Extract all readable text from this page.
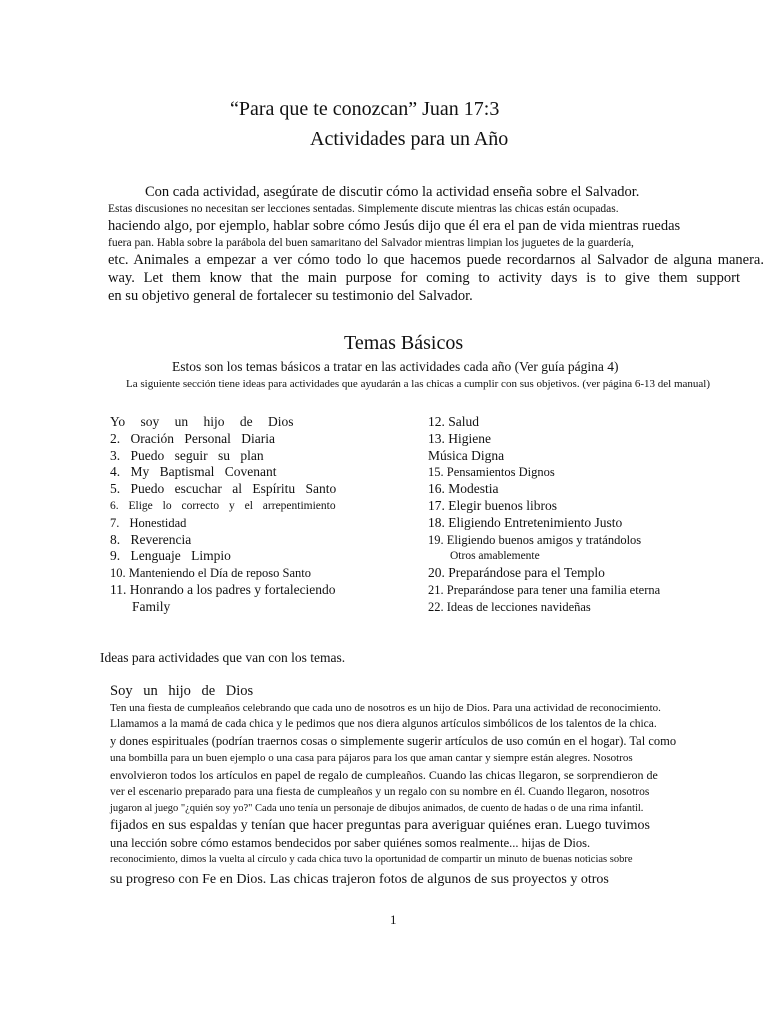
“Para que te conozcan” Juan 17:3
Actividades para un Año
Con cada actividad, asegúrate de discutir cómo la actividad enseña sobre el Salvador.
Estas discusiones no necesitan ser lecciones sentadas. Simplemente discute mientras las chicas están ocupadas.
haciendo algo, por ejemplo, hablar sobre cómo Jesús dijo que él era el pan de vida mientras ruedas
fuera pan. Habla sobre la parábola del buen samaritano del Salvador mientras limpian los juguetes de la guardería,
etc. Animales a empezar a ver cómo todo lo que hacemos puede recordarnos al Salvador de alguna manera.
way. Let them know that the main purpose for coming to activity days is to give them support
en su objetivo general de fortalecer su testimonio del Salvador.
Temas Básicos
Estos son los temas básicos a tratar en las actividades cada año (Ver guía página 4)
La siguiente sección tiene ideas para actividades que ayudarán a las chicas a cumplir con sus objetivos. (ver página 6-13 del manual)
Yo soy un hijo de Dios
2. Oración Personal Diaria
3. Puedo seguir su plan
4. My Baptismal Covenant
5. Puedo escuchar al Espíritu Santo
6. Elige lo correcto y el arrepentimiento
7. Honestidad
8. Reverencia
9. Lenguaje Limpio
10. Manteniendo el Día de reposo Santo
11. Honrando a los padres y fortaleciendo
Family
12. Salud
13. Higiene
Música Digna
15. Pensamientos Dignos
16. Modestia
17. Elegir buenos libros
18. Eligiendo Entretenimiento Justo
19. Eligiendo buenos amigos y tratándolos
Otros amablemente
20. Preparándose para el Templo
21. Preparándose para tener una familia eterna
22. Ideas de lecciones navideñas
Ideas para actividades que van con los temas.
Soy un hijo de Dios
Ten una fiesta de cumpleaños celebrando que cada uno de nosotros es un hijo de Dios. Para una actividad de reconocimiento.
Llamamos a la mamá de cada chica y le pedimos que nos diera algunos artículos simbólicos de los talentos de la chica.
y dones espirituales (podrían traernos cosas o simplemente sugerir artículos de uso común en el hogar). Tal como
una bombilla para un buen ejemplo o una casa para pájaros para los que aman cantar y siempre están alegres. Nosotros
envolvieron todos los artículos en papel de regalo de cumpleaños. Cuando las chicas llegaron, se sorprendieron de
ver el escenario preparado para una fiesta de cumpleaños y un regalo con su nombre en él. Cuando llegaron, nosotros
jugaron al juego "¿quién soy yo?" Cada uno tenía un personaje de dibujos animados, de cuento de hadas o de una rima infantil.
fijados en sus espaldas y tenían que hacer preguntas para averiguar quiénes eran. Luego tuvimos
una lección sobre cómo estamos bendecidos por saber quiénes somos realmente... hijas de Dios.
reconocimiento, dimos la vuelta al círculo y cada chica tuvo la oportunidad de compartir un minuto de buenas noticias sobre
su progreso con Fe en Dios. Las chicas trajeron fotos de algunos de sus proyectos y otros
1
